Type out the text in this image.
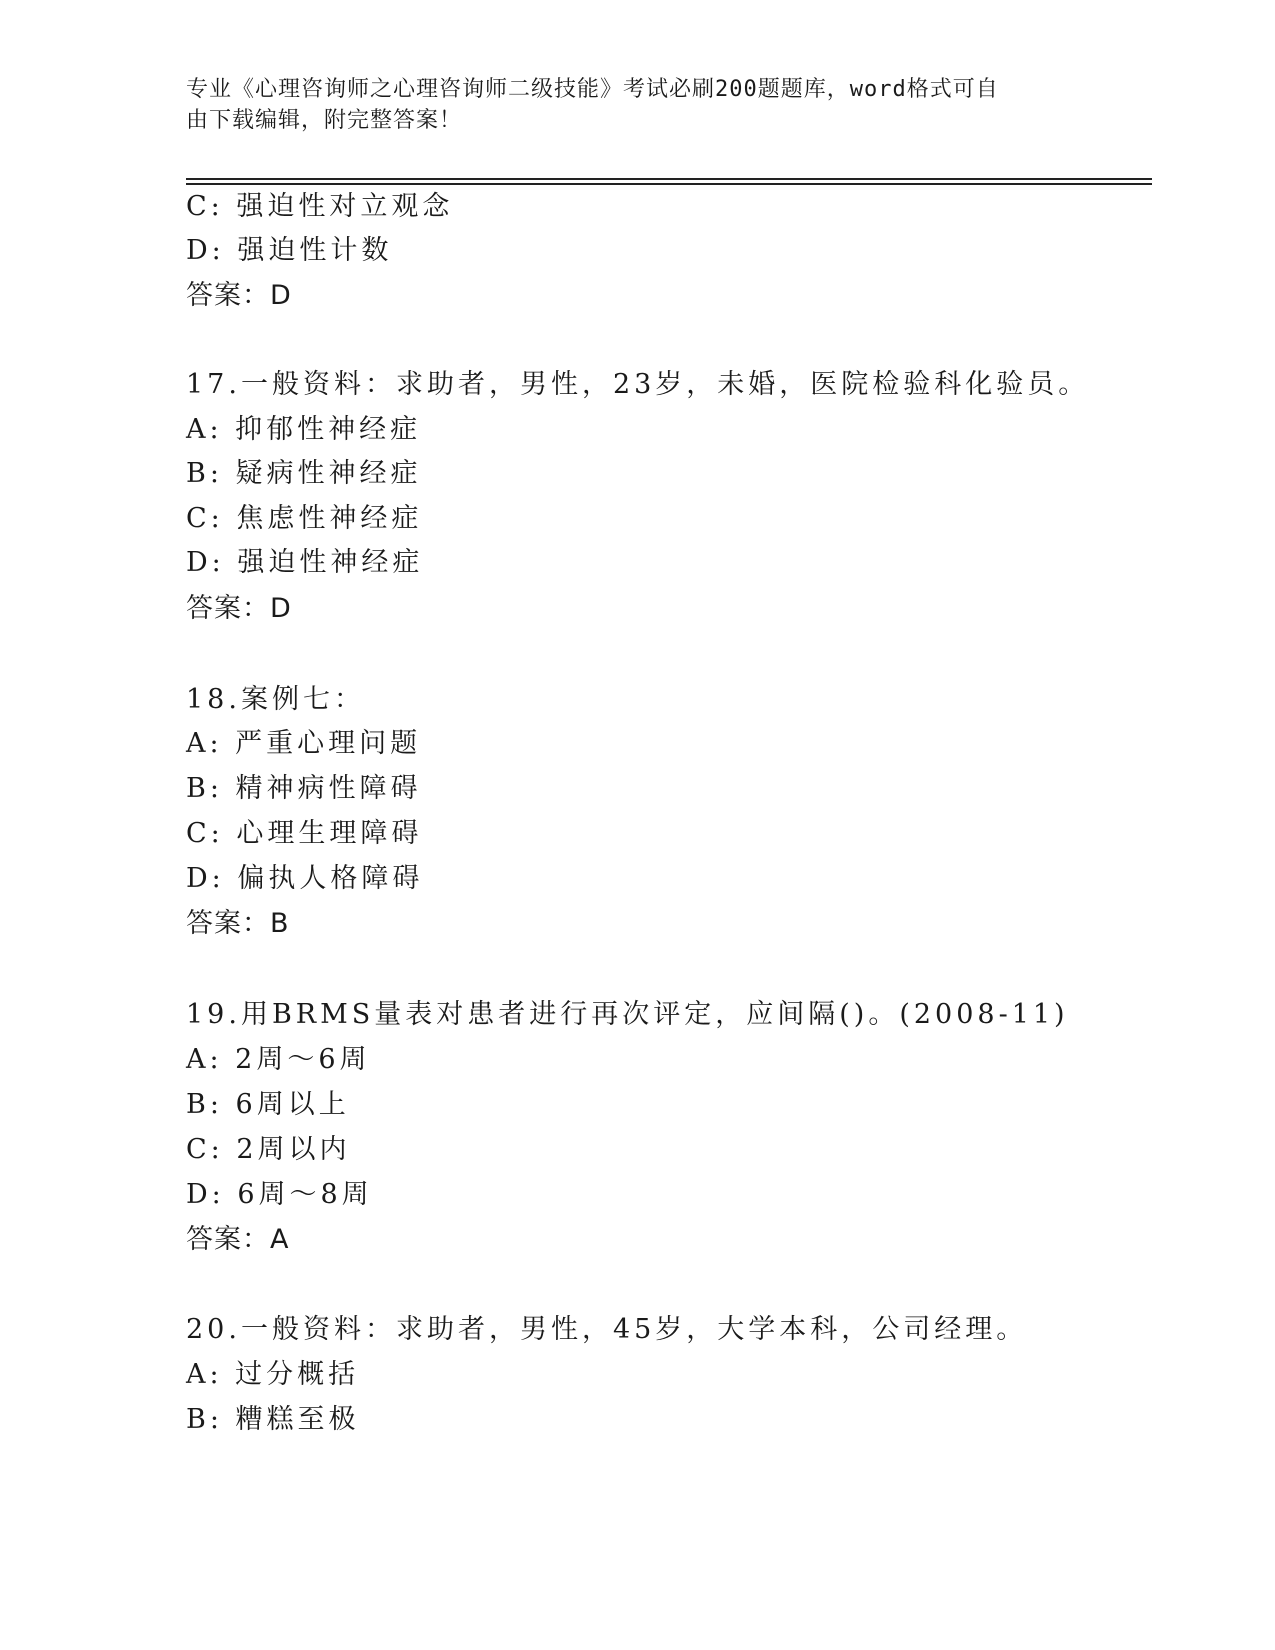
专业《心理咨询师之心理咨询师二级技能》考试必刷200题题库，word格式可自
由下载编辑，附完整答案！
C: 强迫性对立观念
D: 强迫性计数
答案：D
17.一般资料：求助者，男性，23岁，未婚，医院检验科化验员。
A: 抑郁性神经症
B: 疑病性神经症
C: 焦虑性神经症
D: 强迫性神经症
答案：D
18.案例七：
A: 严重心理问题
B: 精神病性障碍
C: 心理生理障碍
D: 偏执人格障碍
答案：B
19.用BRMS量表对患者进行再次评定，应间隔()。(2008-11)
A: 2周～6周
B: 6周以上
C: 2周以内
D: 6周～8周
答案：A
20.一般资料：求助者，男性，45岁，大学本科，公司经理。
A: 过分概括
B: 糟糕至极
